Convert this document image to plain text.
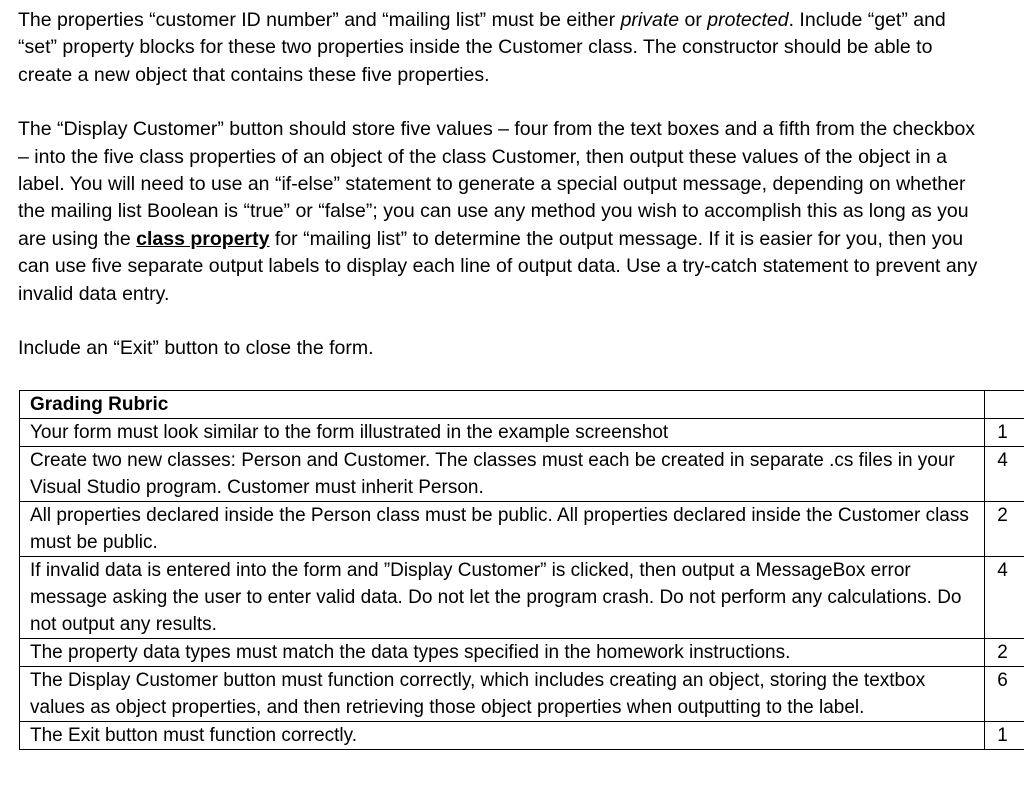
The properties “customer ID number” and “mailing list” must be either private or protected. Include “get” and “set” property blocks for these two properties inside the Customer class. The constructor should be able to create a new object that contains these five properties.

The “Display Customer” button should store five values – four from the text boxes and a fifth from the checkbox – into the five class properties of an object of the class Customer, then output these values of the object in a label. You will need to use an “if-else” statement to generate a special output message, depending on whether the mailing list Boolean is “true” or “false”; you can use any method you wish to accomplish this as long as you are using the class property for “mailing list” to determine the output message. If it is easier for you, then you can use five separate output labels to display each line of output data. Use a try-catch statement to prevent any invalid data entry.

Include an “Exit” button to close the form.

Grading Rubric	
Your form must look similar to the form illustrated in the example screenshot	1
Create two new classes: Person and Customer. The classes must each be created in separate .cs files in your Visual Studio program. Customer must inherit Person.	4
All properties declared inside the Person class must be public. All properties declared inside the Customer class must be public.	2
If invalid data is entered into the form and ”Display Customer” is clicked, then output a MessageBox error message asking the user to enter valid data. Do not let the program crash. Do not perform any calculations. Do not output any results.	4
The property data types must match the data types specified in the homework instructions.	2
The Display Customer button must function correctly, which includes creating an object, storing the textbox values as object properties, and then retrieving those object properties when outputting to the label.	6
The Exit button must function correctly.	1
